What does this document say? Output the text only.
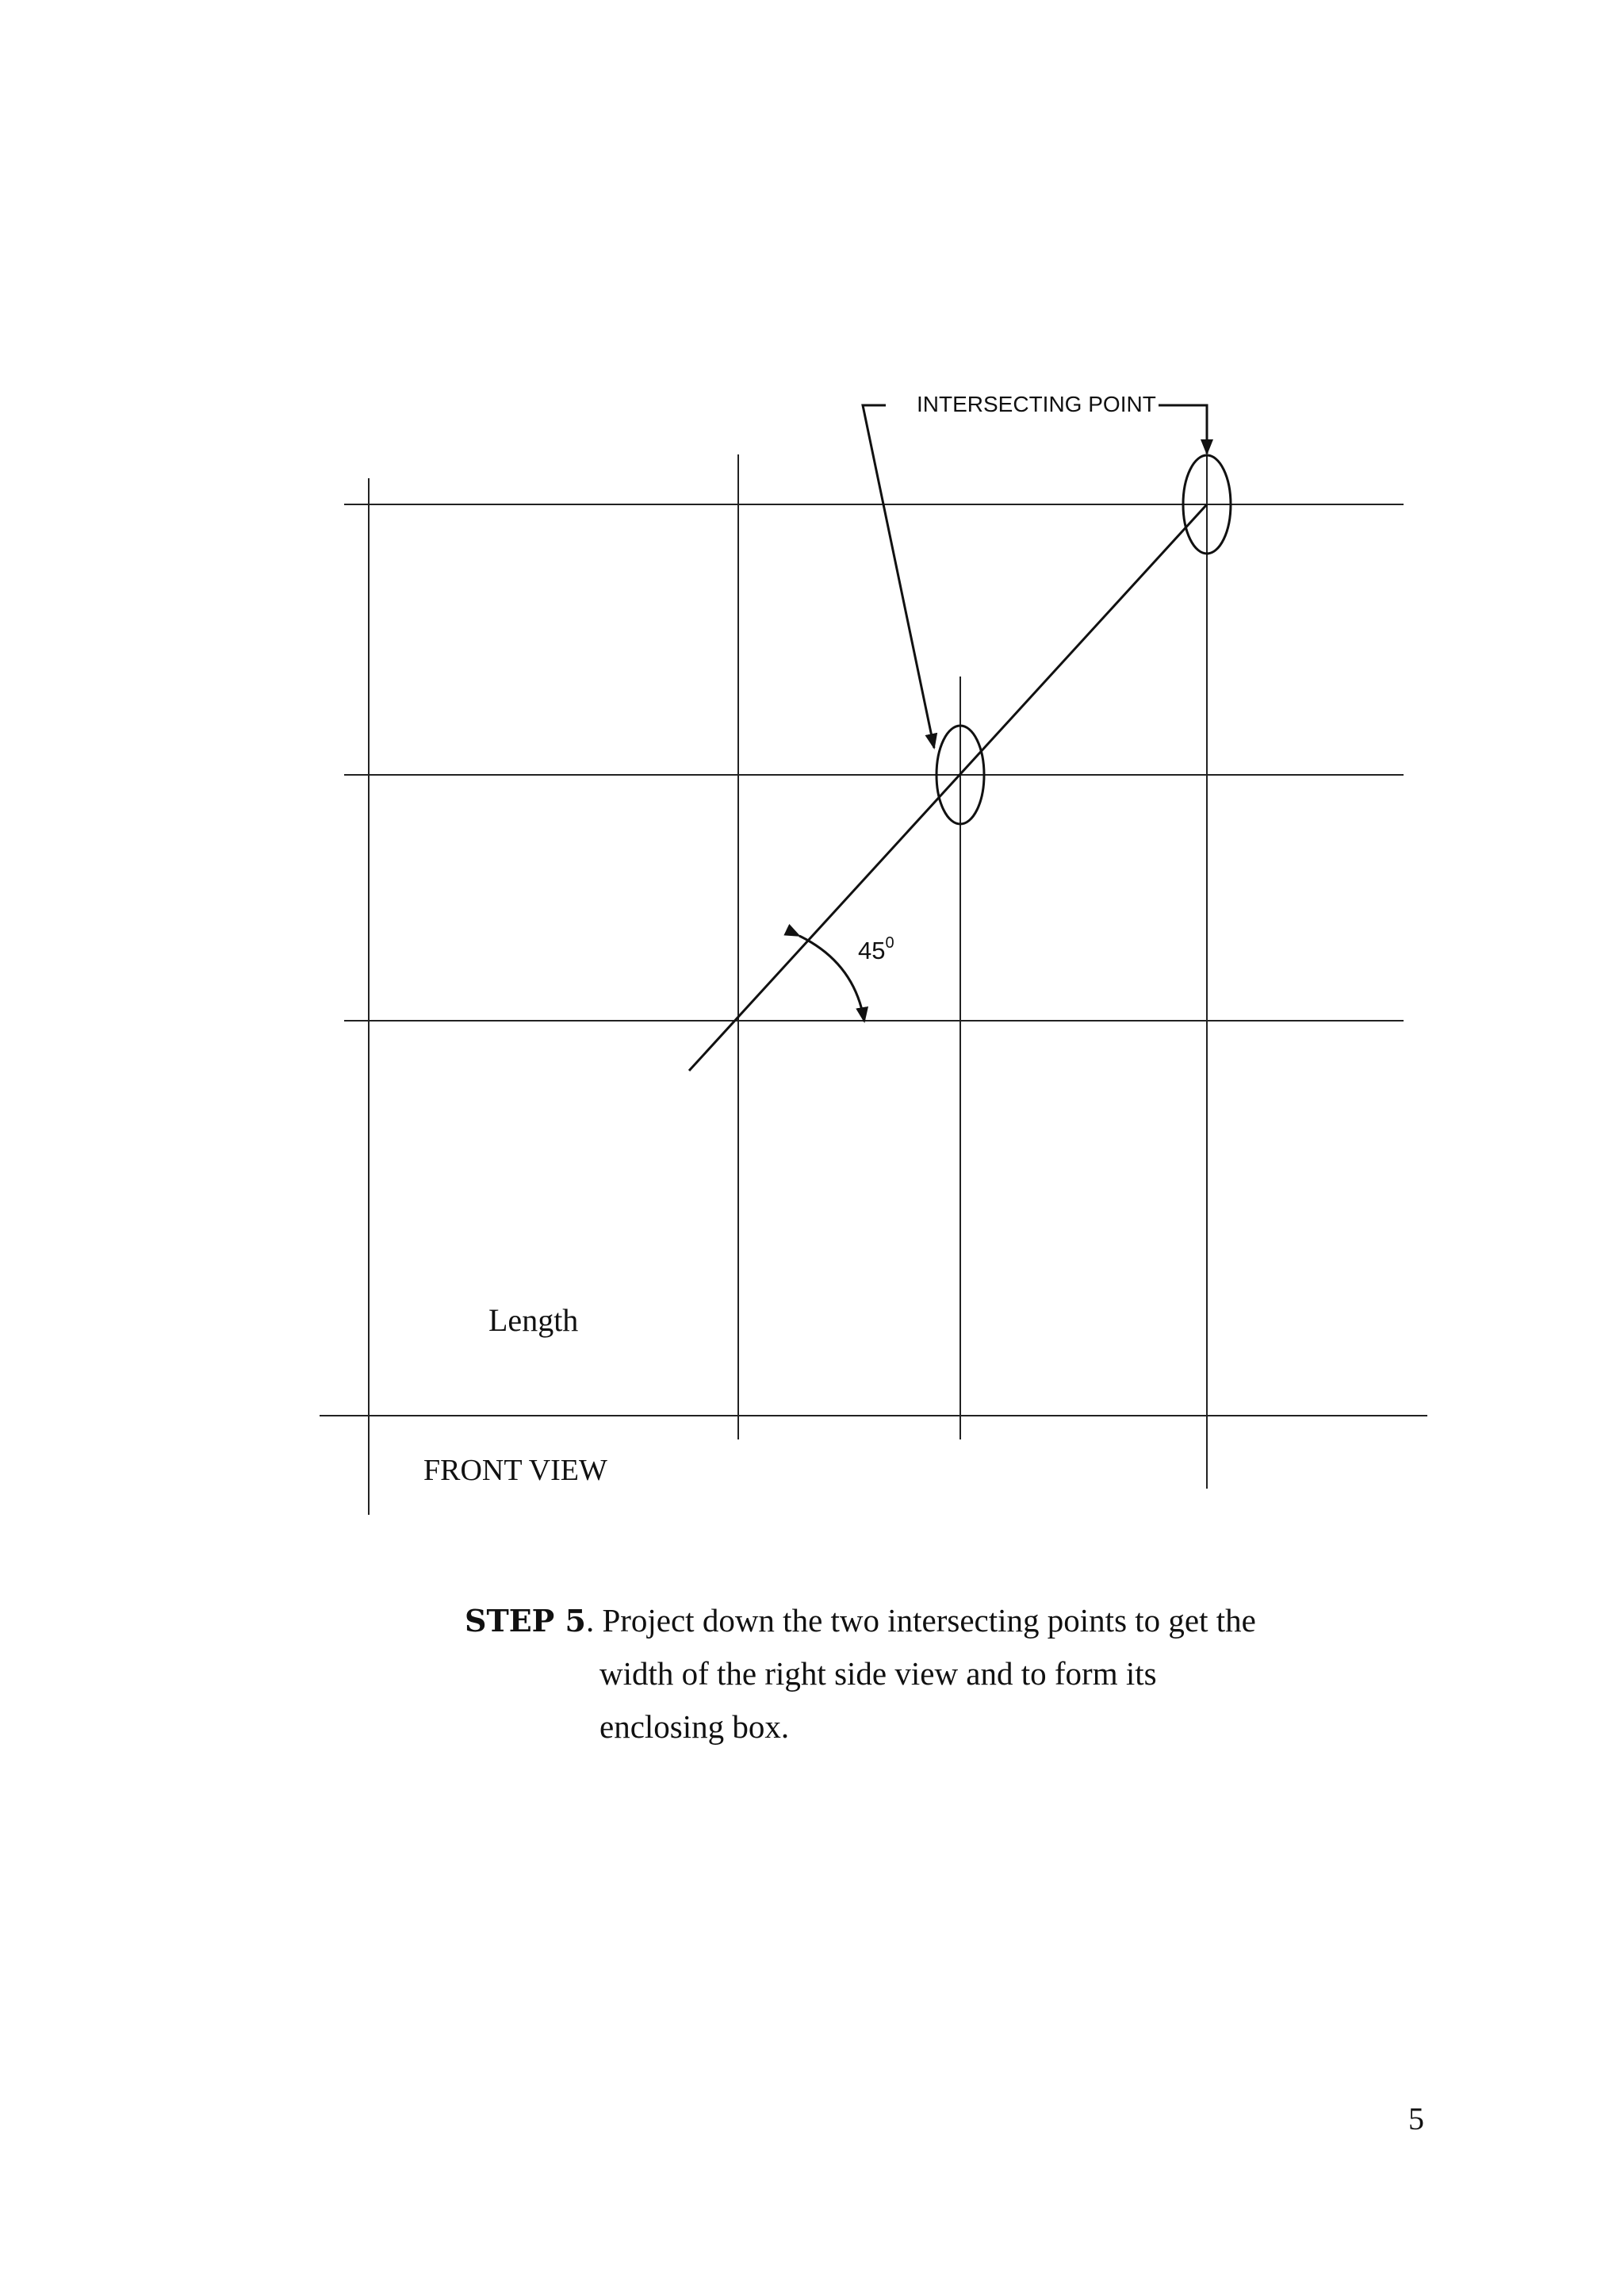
INTERSECTING POINT
$45^0$
Length
FRONT VIEW
STEP 5. Project down the two intersecting points to get the
width of the right side view and to form its
enclosing box.
5
